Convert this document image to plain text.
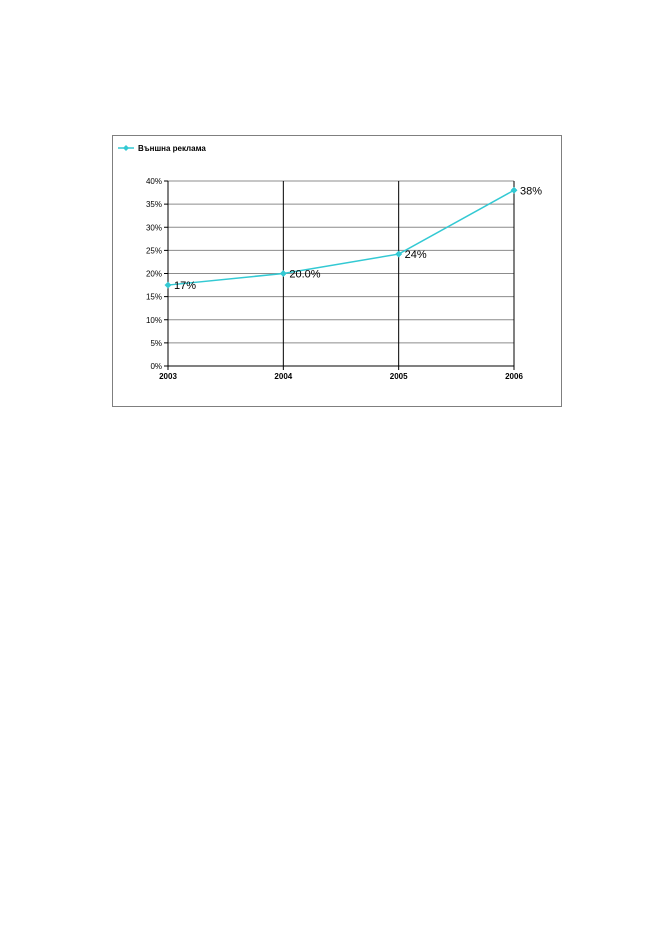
0%
5%
10%
15%
20%
25%
30%
35%
40%
2003	2004	2005	2006
17%
20.0%
24%
38%
Външна реклама
